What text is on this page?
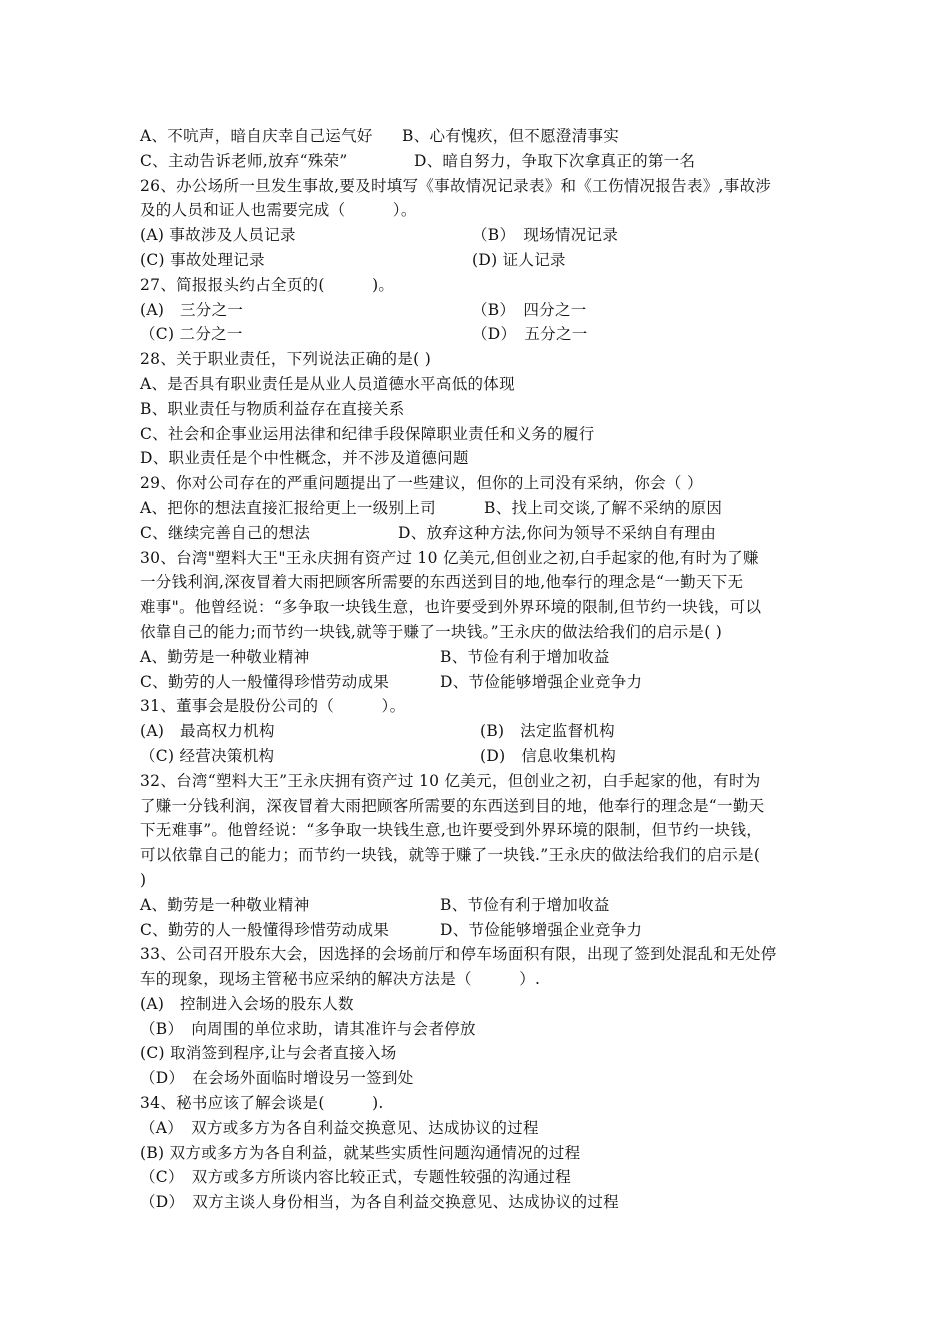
A、不吭声，暗自庆幸自己运气好 B、心有愧疚，但不愿澄清事实
C、主动告诉老师,放弃“殊荣”	D、暗自努力，争取下次拿真正的第一名
26、办公场所一旦发生事故,要及时填写《事故情况记录表》和《工伤情况报告表》,事故涉
及的人员和证人也需要完成（　　　）。
(A) 事故涉及人员记录	（B）　现场情况记录
(C) 事故处理记录	(D) 证人记录
27、简报报头约占全页的(　　　)。
(A)　三分之一	（B）　四分之一
（C) 二分之一	（D）　五分之一
28、关于职业责任，下列说法正确的是( )
A、是否具有职业责任是从业人员道德水平高低的体现
B、职业责任与物质利益存在直接关系
C、社会和企事业运用法律和纪律手段保障职业责任和义务的履行
D、职业责任是个中性概念，并不涉及道德问题
29、你对公司存在的严重问题提出了一些建议，但你的上司没有采纳，你会（ ）
A、把你的想法直接汇报给更上一级别上司	B、找上司交谈,了解不采纳的原因
C、继续完善自己的想法	D、放弃这种方法,你问为领导不采纳自有理由
30、台湾"塑料大王"王永庆拥有资产过 10 亿美元,但创业之初,白手起家的他,有时为了赚
一分钱利润,深夜冒着大雨把顾客所需要的东西送到目的地,他奉行的理念是“一勤天下无
难事"。他曾经说：“多争取一块钱生意，也许要受到外界环境的限制,但节约一块钱，可以
依靠自己的能力;而节约一块钱,就等于赚了一块钱。”王永庆的做法给我们的启示是( )
A、勤劳是一种敬业精神	B、节俭有利于增加收益
C、勤劳的人一般懂得珍惜劳动成果	D、节俭能够增强企业竞争力
31、董事会是股份公司的（　　　）。
(A)　最高权力机构	(B)　法定监督机构
（C) 经营决策机构	(D)　信息收集机构
32、台湾“塑料大王”王永庆拥有资产过 10 亿美元，但创业之初，白手起家的他，有时为
了赚一分钱利润，深夜冒着大雨把顾客所需要的东西送到目的地，他奉行的理念是“一勤天
下无难事”。他曾经说：“多争取一块钱生意,也许要受到外界环境的限制，但节约一块钱，
可以依靠自己的能力；而节约一块钱，就等于赚了一块钱.”王永庆的做法给我们的启示是(
)
A、勤劳是一种敬业精神	B、节俭有利于增加收益
C、勤劳的人一般懂得珍惜劳动成果	D、节俭能够增强企业竞争力
33、公司召开股东大会，因选择的会场前厅和停车场面积有限，出现了签到处混乱和无处停
车的现象，现场主管秘书应采纳的解决方法是（　　　）.
(A)　控制进入会场的股东人数
（B）　向周围的单位求助，请其准许与会者停放
(C) 取消签到程序,让与会者直接入场
（D）　在会场外面临时增设另一签到处
34、秘书应该了解会谈是(　　　).
（A）　双方或多方为各自利益交换意见、达成协议的过程
(B) 双方或多方为各自利益，就某些实质性问题沟通情况的过程
（C）　双方或多方所谈内容比较正式，专题性较强的沟通过程
（D）　双方主谈人身份相当，为各自利益交换意见、达成协议的过程
